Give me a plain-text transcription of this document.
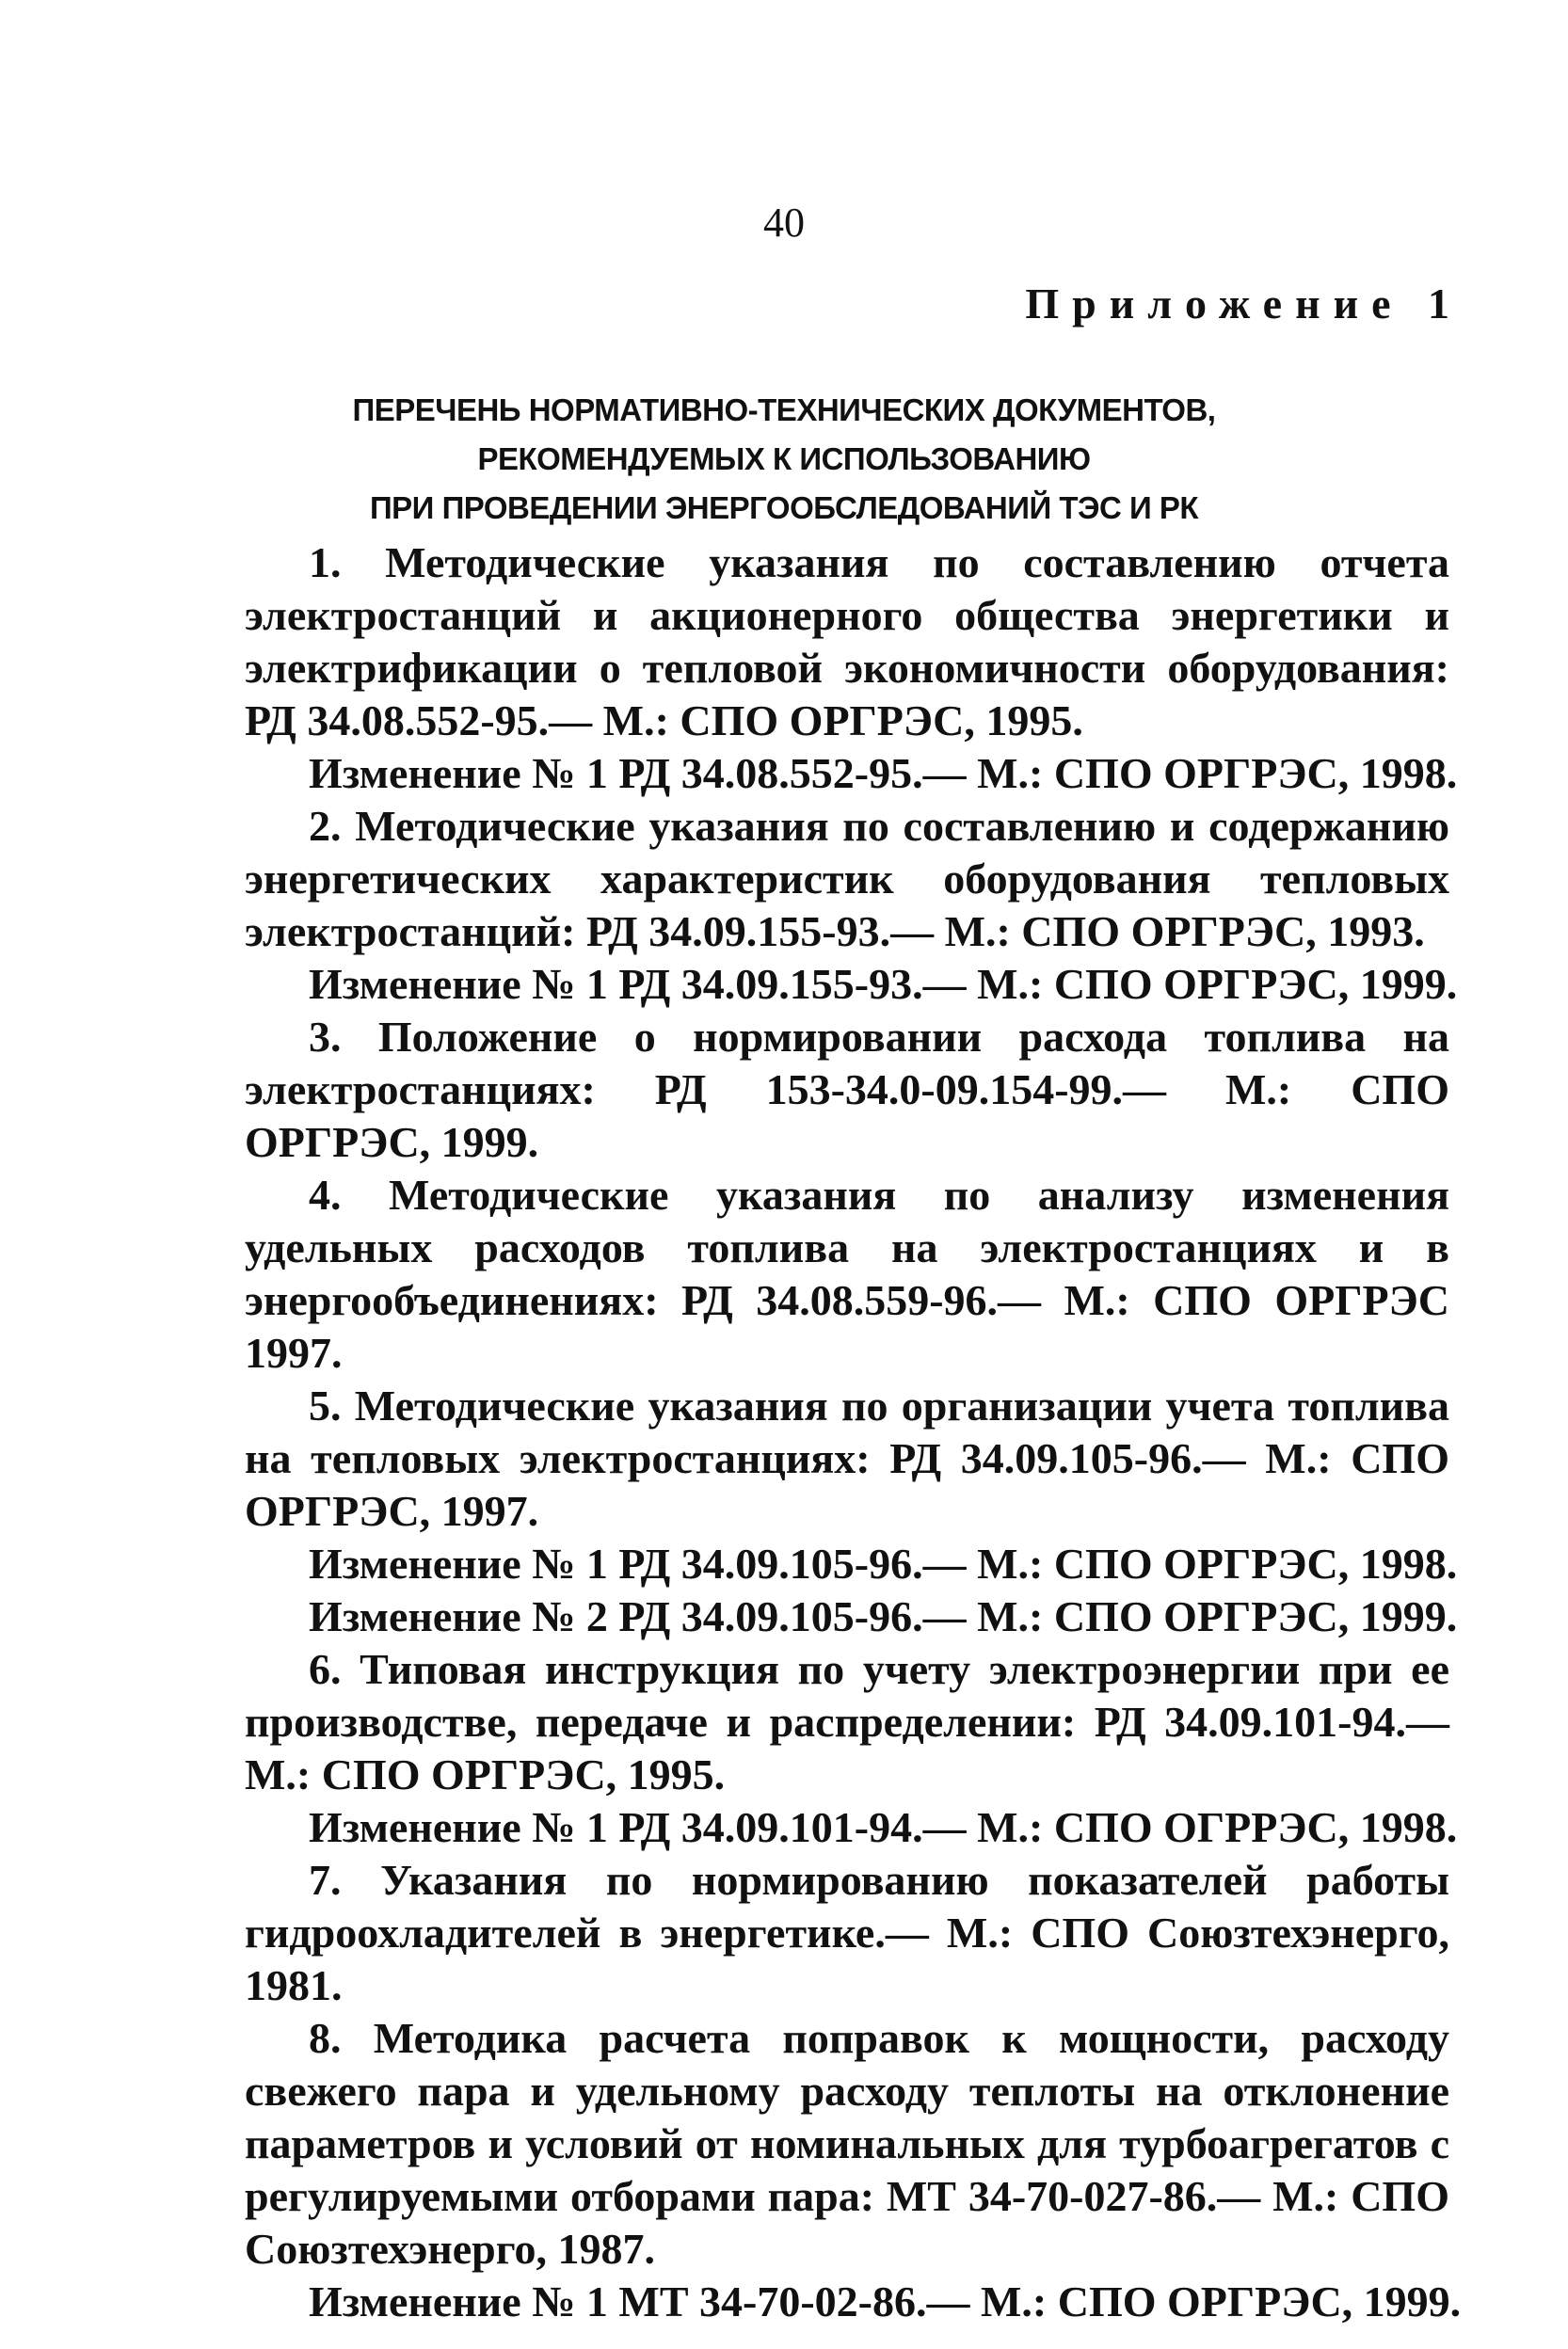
40
Приложение 1
ПЕРЕЧЕНЬ НОРМАТИВНО-ТЕХНИЧЕСКИХ ДОКУМЕНТОВ,
РЕКОМЕНДУЕМЫХ К ИСПОЛЬЗОВАНИЮ
ПРИ ПРОВЕДЕНИИ ЭНЕРГООБСЛЕДОВАНИЙ ТЭС И РК

1. Методические указания по составлению отчета электростанций и акционерного общества энергетики и электрификации о тепловой экономичности оборудования: РД 34.08.552-95.— М.: СПО ОРГРЭС, 1995.

Изменение № 1 РД 34.08.552-95.— М.: СПО ОРГРЭС, 1998.

2. Методические указания по составлению и содержанию энергетических характеристик оборудования тепловых электростанций: РД 34.09.155-93.— М.: СПО ОРГРЭС, 1993.

Изменение № 1 РД 34.09.155-93.— М.: СПО ОРГРЭС, 1999.

3. Положение о нормировании расхода топлива на электростанциях: РД 153-34.0-09.154-99.— М.: СПО ОРГРЭС, 1999.

4. Методические указания по анализу изменения удельных расходов топлива на электростанциях и в энергообъединениях: РД 34.08.559-96.— М.: СПО ОРГРЭС 1997.

5. Методические указания по организации учета топлива на тепловых электростанциях: РД 34.09.105-96.— М.: СПО ОРГРЭС, 1997.

Изменение № 1 РД 34.09.105-96.— М.: СПО ОРГРЭС, 1998.

Изменение № 2 РД 34.09.105-96.— М.: СПО ОРГРЭС, 1999.

6. Типовая инструкция по учету электроэнергии при ее производстве, передаче и распределении: РД 34.09.101-94.— М.: СПО ОРГРЭС, 1995.

Изменение № 1 РД 34.09.101-94.— М.: СПО ОГРРЭС, 1998.

7. Указания по нормированию показателей работы гидроохладителей в энергетике.— М.: СПО Союзтехэнерго, 1981.

8. Методика расчета поправок к мощности, расходу свежего пара и удельному расходу теплоты на отклонение параметров и условий от номинальных для турбоагрегатов с регулируемыми отборами пара: МТ 34-70-027-86.— М.: СПО Союзтехэнерго, 1987.

Изменение № 1 МТ 34-70-02-86.— М.: СПО ОРГРЭС, 1999.
